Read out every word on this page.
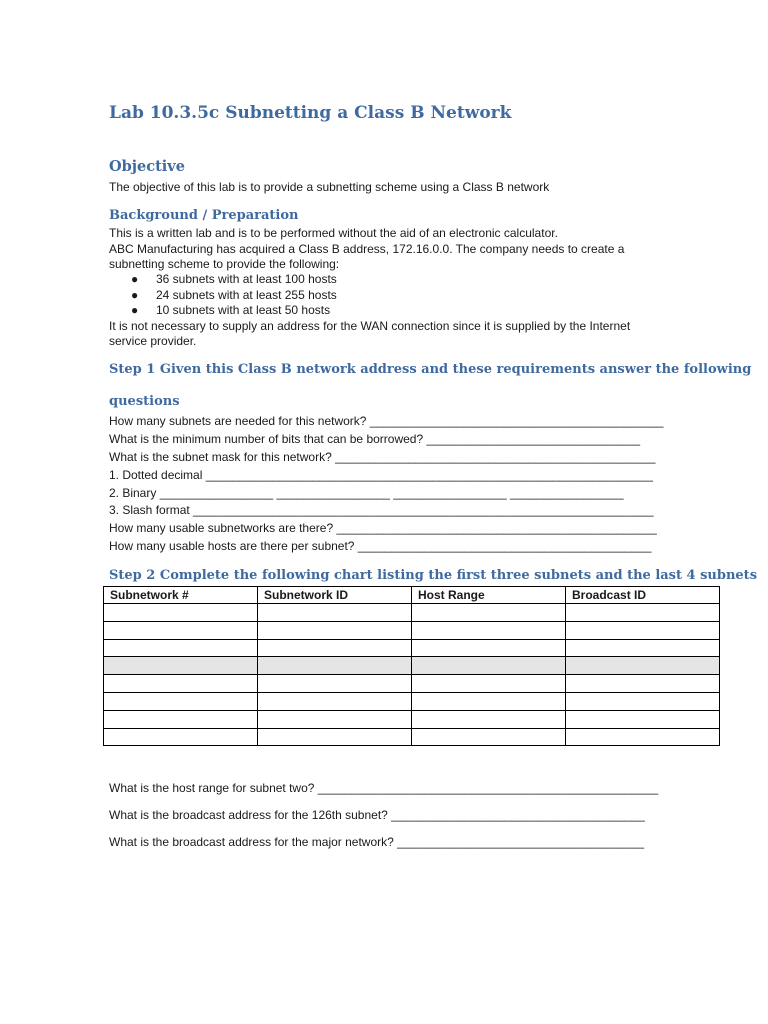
Lab 10.3.5c Subnetting a Class B Network
Objective

The objective of this lab is to provide a subnetting scheme using a Class B network

Background / Preparation

This is a written lab and is to be performed without the aid of an electronic calculator.

ABC Manufacturing has acquired a Class B address, 172.16.0.0. The company needs to create a

subnetting scheme to provide the following:

● 36 subnets with at least 100 hosts
● 24 subnets with at least 255 hosts
● 10 subnets with at least 50 hosts

It is not necessary to supply an address for the WAN connection since it is supplied by the Internet

service provider.

Step 1 Given this Class B network address and these requirements answer the following
questions

How many subnets are needed for this network? ____________________________________________

What is the minimum number of bits that can be borrowed? ________________________________

What is the subnet mask for this network? ________________________________________________

1. Dotted decimal ___________________________________________________________________

2. Binary _________________ _________________ _________________ _________________

3. Slash format _____________________________________________________________________

How many usable subnetworks are there? ________________________________________________

How many usable hosts are there per subnet? ____________________________________________

Step 2 Complete the following chart listing the first three subnets and the last 4 subnets
Subnetwork #	Subnetwork ID	Host Range	Broadcast ID

What is the host range for subnet two? ___________________________________________________

What is the broadcast address for the 126th subnet? ______________________________________

What is the broadcast address for the major network? _____________________________________
